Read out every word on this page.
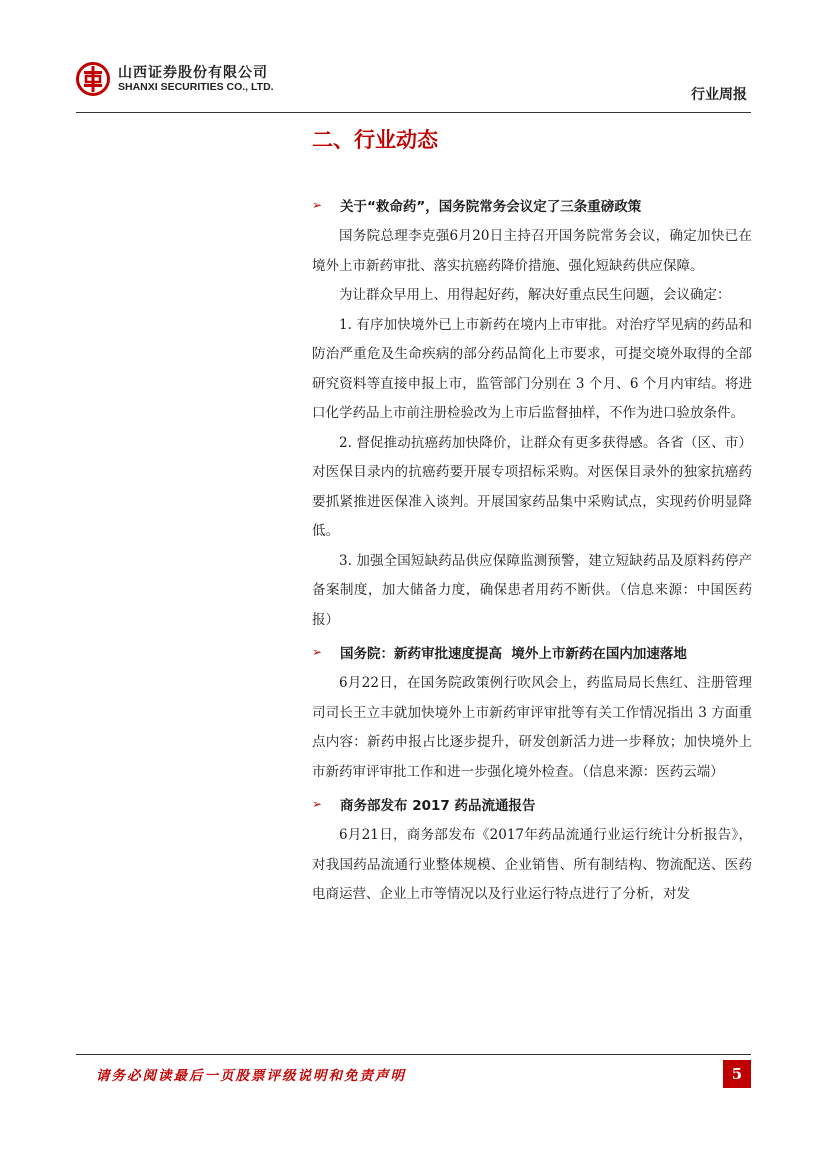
山西证券股份有限公司
SHANXI SECURITIES CO., LTD.
行业周报
二、行业动态
➢	关于“救命药”，国务院常务会议定了三条重磅政策

国务院总理李克强6月20日主持召开国务院常务会议，确定加快已在境外上市新药审批、落实抗癌药降价措施、强化短缺药供应保障。

为让群众早用上、用得起好药，解决好重点民生问题，会议确定：

1. 有序加快境外已上市新药在境内上市审批。对治疗罕见病的药品和防治严重危及生命疾病的部分药品简化上市要求，可提交境外取得的全部研究资料等直接申报上市，监管部门分别在 3 个月、6 个月内审结。将进口化学药品上市前注册检验改为上市后监督抽样，不作为进口验放条件。

2. 督促推动抗癌药加快降价，让群众有更多获得感。各省（区、市）对医保目录内的抗癌药要开展专项招标采购。对医保目录外的独家抗癌药要抓紧推进医保准入谈判。开展国家药品集中采购试点，实现药价明显降低。

3. 加强全国短缺药品供应保障监测预警，建立短缺药品及原料药停产备案制度，加大储备力度，确保患者用药不断供。（信息来源：中国医药报）

➢	国务院：新药审批速度提高  境外上市新药在国内加速落地

6月22日，在国务院政策例行吹风会上，药监局局长焦红、注册管理司司长王立丰就加快境外上市新药审评审批等有关工作情况指出 3 方面重点内容：新药申报占比逐步提升，研发创新活力进一步释放；加快境外上市新药审评审批工作和进一步强化境外检查。（信息来源：医药云端）

➢	商务部发布 2017 药品流通报告

6月21日，商务部发布《2017年药品流通行业运行统计分析报告》，对我国药品流通行业整体规模、企业销售、所有制结构、物流配送、医药电商运营、企业上市等情况以及行业运行特点进行了分析，对发

请务必阅读最后一页股票评级说明和免责声明	5
